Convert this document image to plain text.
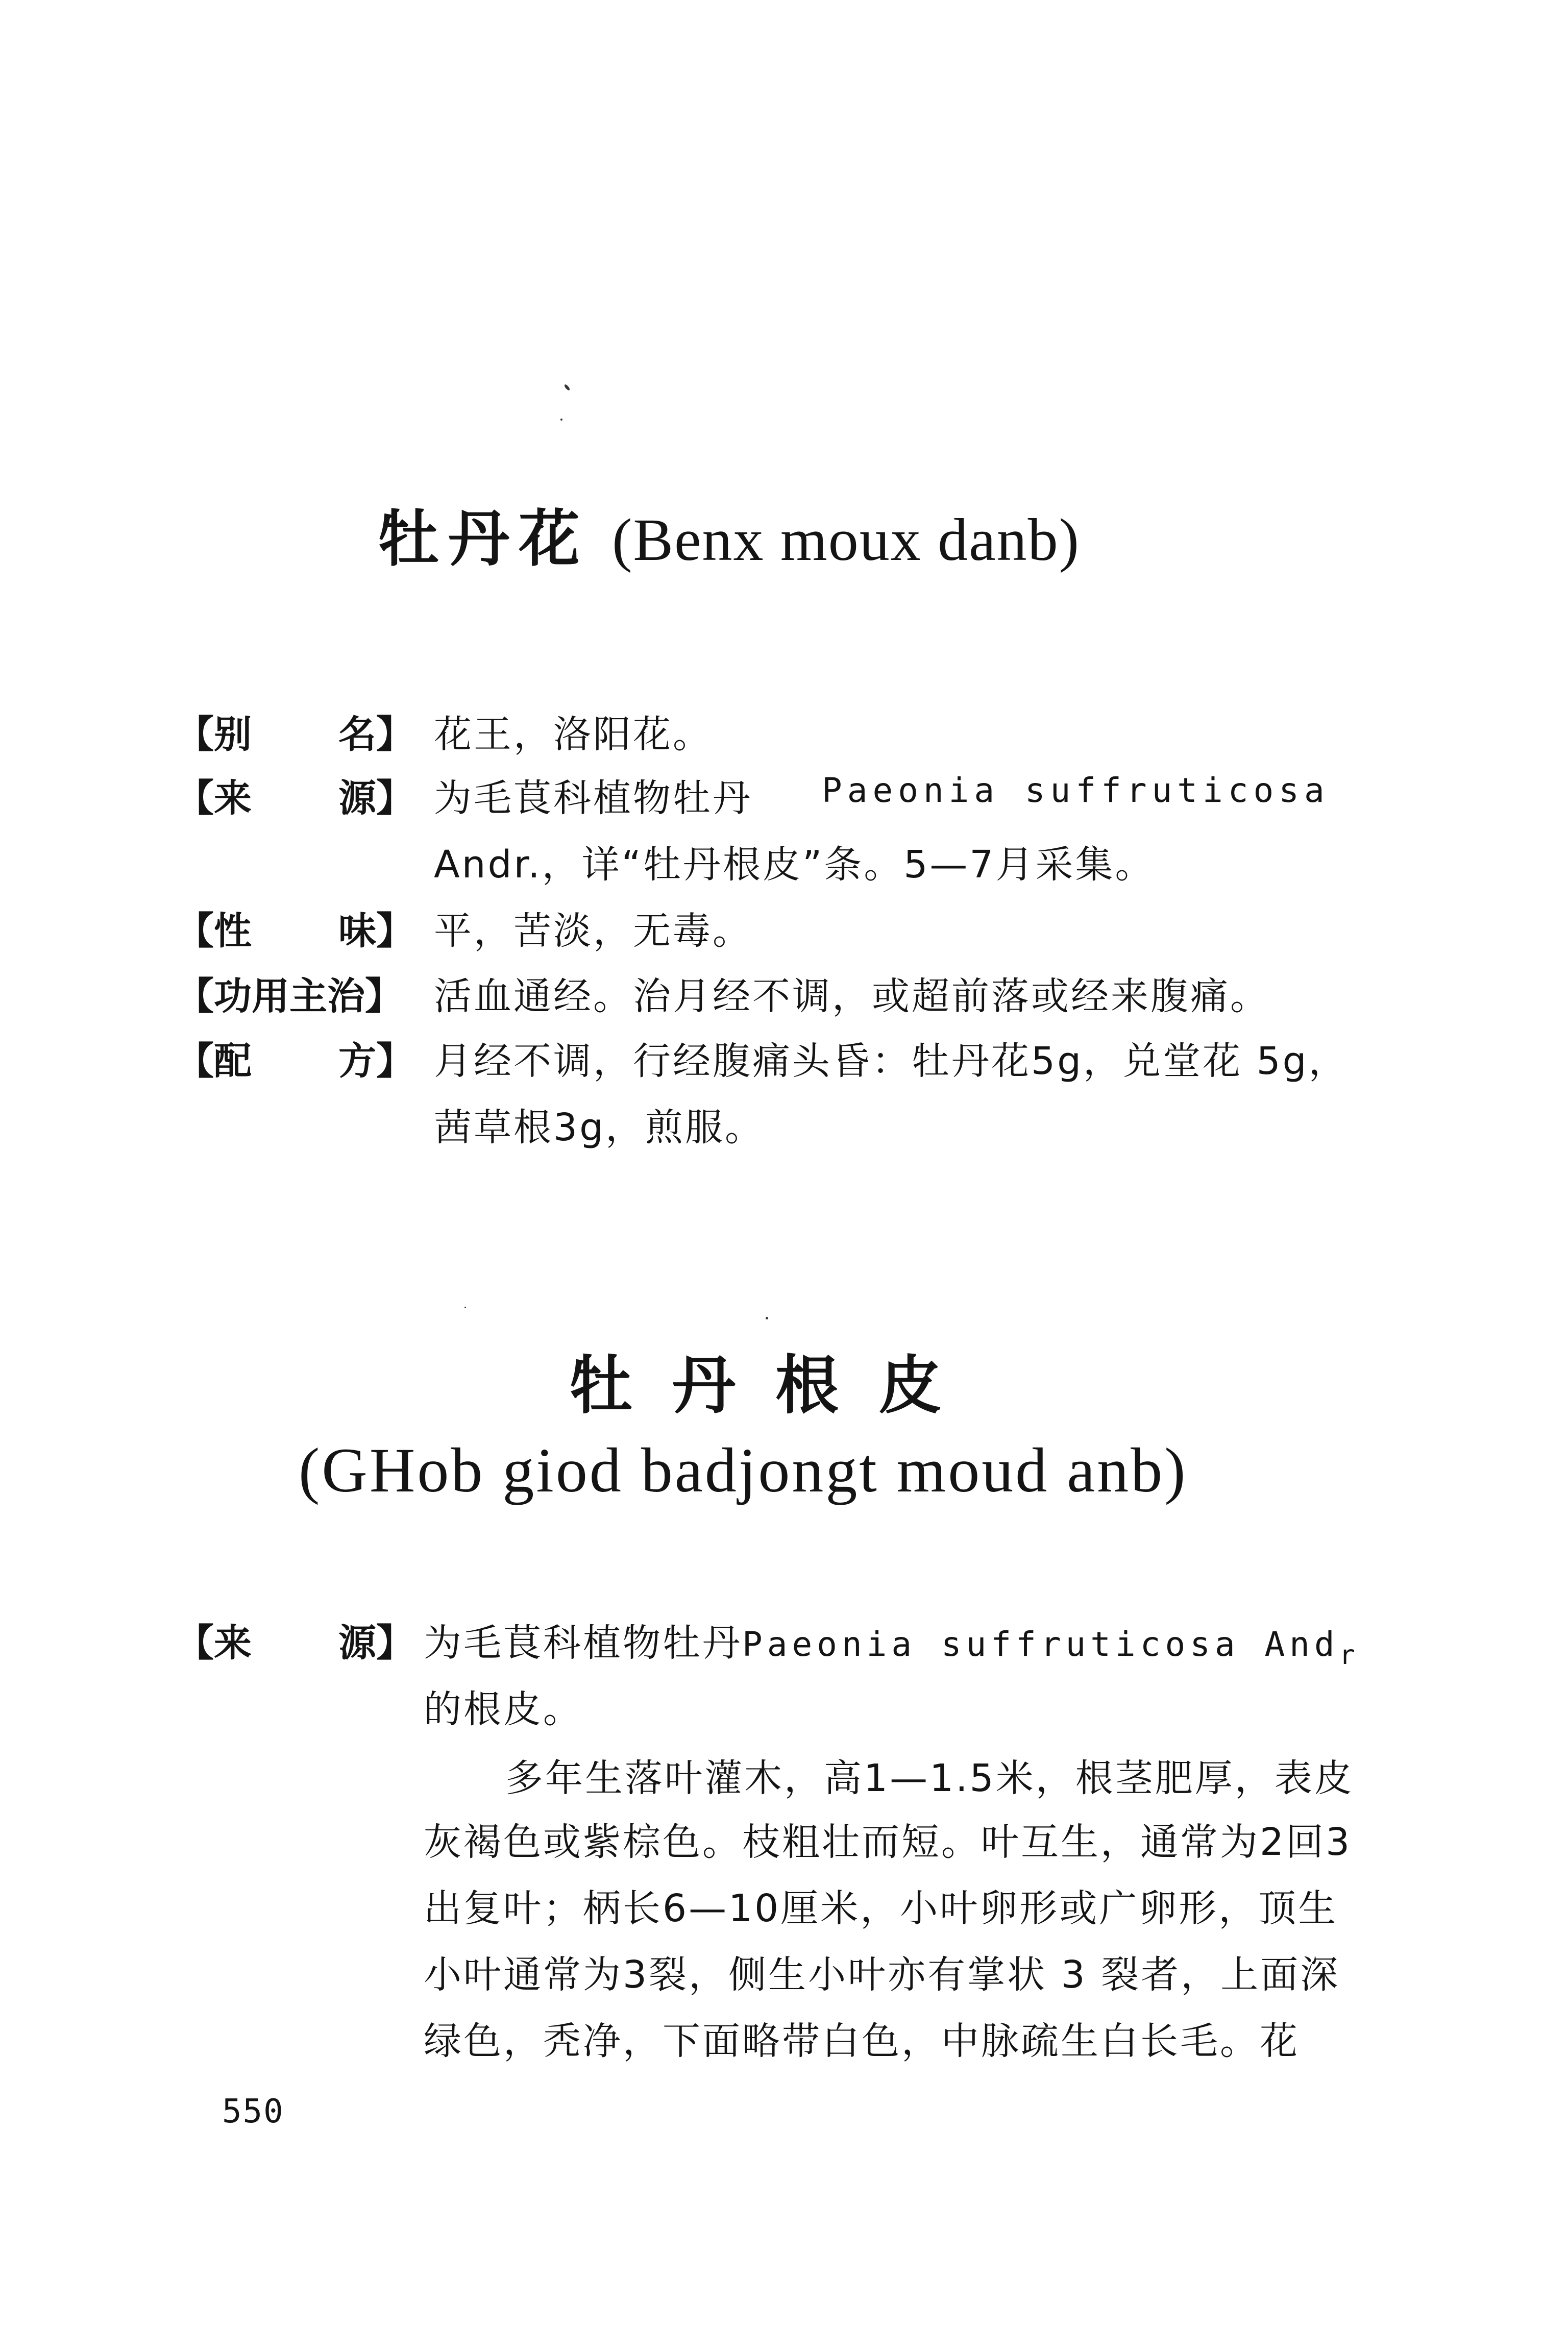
牡丹花 (Benx moux danb)
【别 名】 花王，洛阳花。
【来 源】 为毛茛科植物牡丹 Paeonia suffruticosa
Andr.，详“牡丹根皮”条。5—7月采集。
【性 味】 平，苦淡，无毒。
【功用主治】 活血通经。治月经不调，或超前落或经来腹痛。
【配 方】 月经不调，行经腹痛头昏：牡丹花5g，兑堂花 5g，
茜草根3g，煎服。
牡丹根皮
(GHob giod badjongt moud anb)
【来 源】 为毛茛科植物牡丹Paeonia suffruticosa And$_r$
的根皮。
多年生落叶灌木，高1—1.5米，根茎肥厚，表皮
灰褐色或紫棕色。枝粗壮而短。叶互生，通常为2回3
出复叶；柄长6—10厘米，小叶卵形或广卵形，顶生
小叶通常为3裂，侧生小叶亦有掌状 3 裂者，上面深
绿色，秃净，下面略带白色，中脉疏生白长毛。花
550
